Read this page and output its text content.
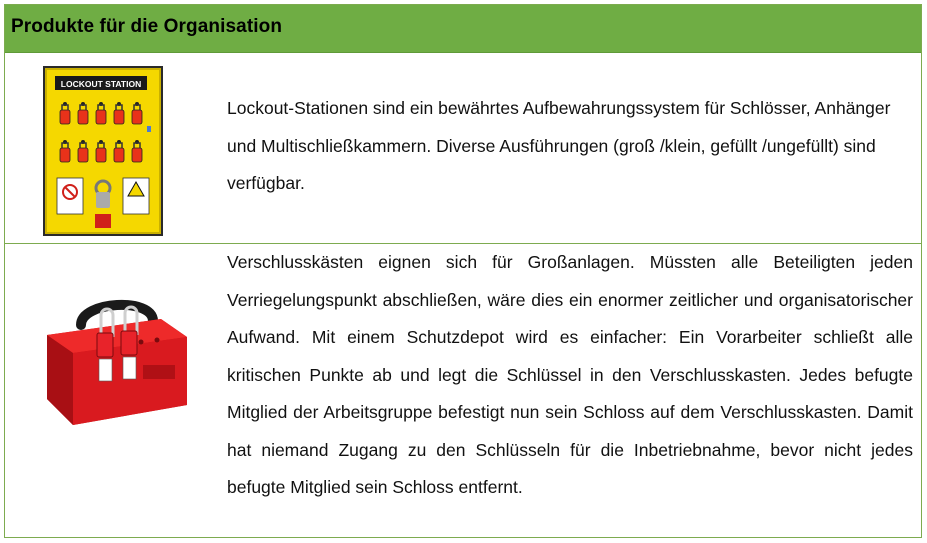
Produkte für die Organisation
LOCKOUT STATION
Lockout-Stationen sind ein bewährtes Aufbewahrungssystem für Schlösser, Anhänger und Multischließkammern. Diverse Ausführungen (groß /klein, gefüllt /ungefüllt) sind verfügbar.
Verschlusskästen eignen sich für Großanlagen. Müssten alle Beteiligten jeden Verriegelungspunkt abschließen, wäre dies ein enormer zeitlicher und organisatorischer Aufwand. Mit einem Schutzdepot wird es einfacher: Ein Vorarbeiter schließt alle kritischen Punkte ab und legt die Schlüssel in den Verschlusskasten. Jedes befugte Mitglied der Arbeitsgruppe befestigt nun sein Schloss auf dem Verschlusskasten. Damit hat niemand Zugang zu den Schlüsseln für die Inbetriebnahme, bevor nicht jedes befugte Mitglied sein Schloss entfernt.
